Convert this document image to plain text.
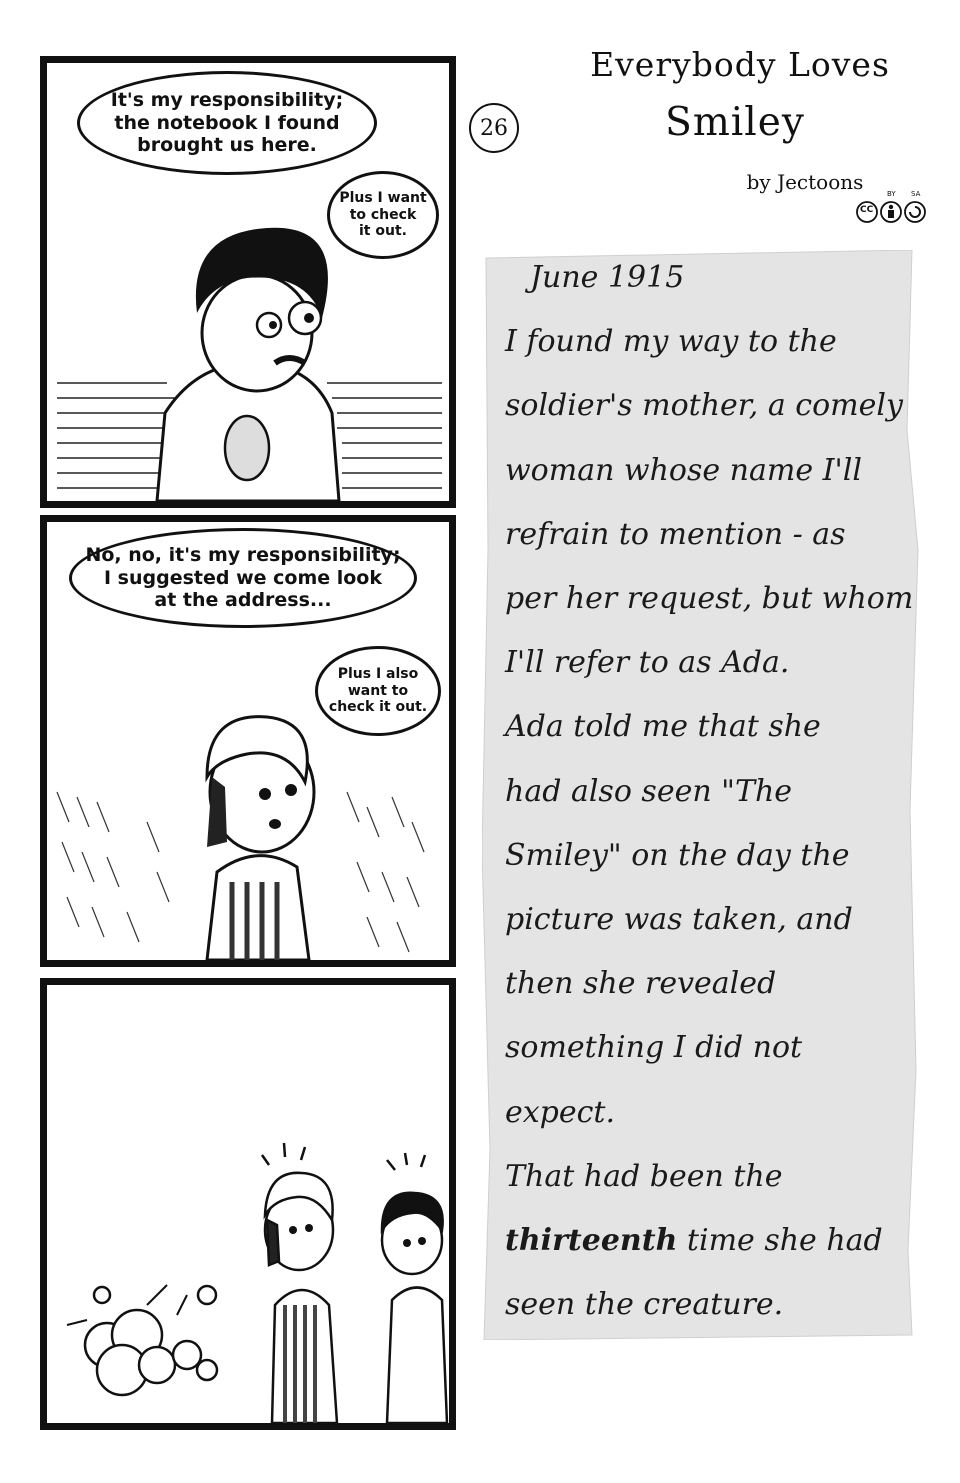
It's my responsibility;
the notebook I found
brought us here.
Plus I want
to check
it out.
No, no, it's my responsibility;
I suggested we come look
at the address...
Plus I also
want to
check it out.
Everybody Loves
Smiley
by Jectoons
26
CC
BY SA
June 1915
I found my way to the
soldier's mother, a comely
woman whose name I'll
refrain to mention - as
per her request, but whom
I'll refer to as Ada.
Ada told me that she
had also seen "The
Smiley" on the day the
picture was taken, and
then she revealed
something I did not
expect.
That had been the
thirteenth time she had
seen the creature.
